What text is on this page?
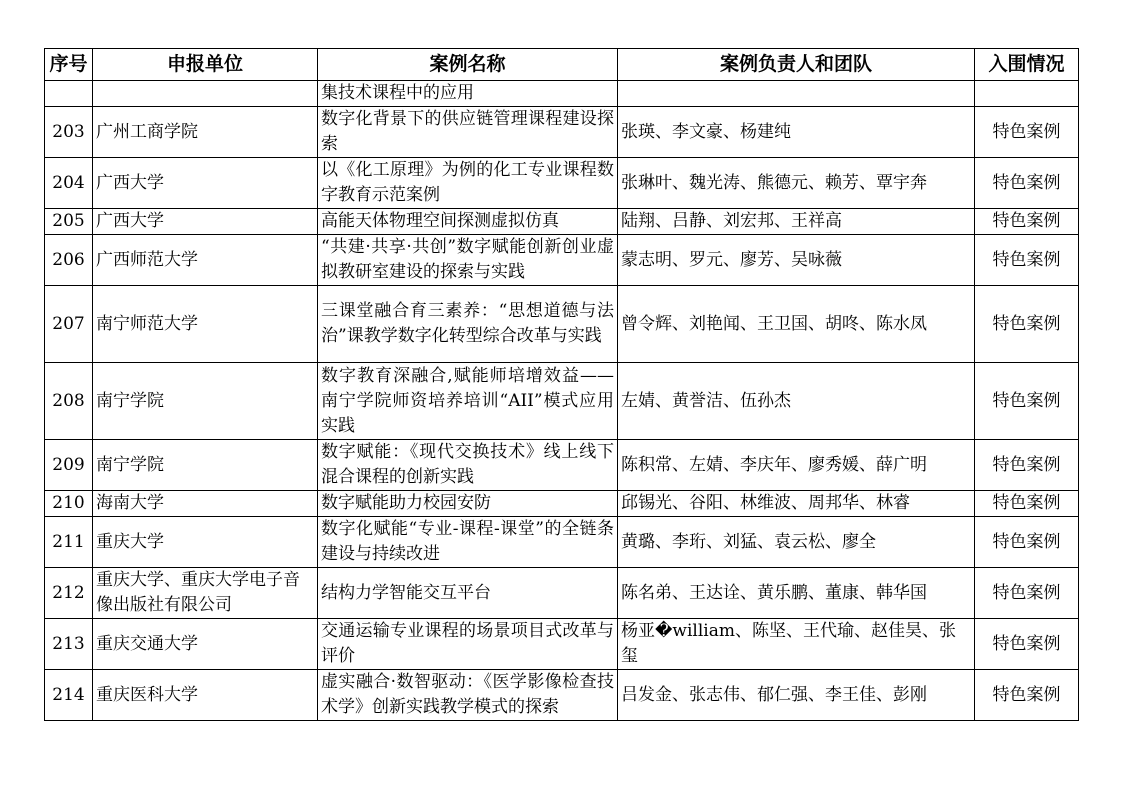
序号	申报单位	案例名称	案例负责人和团队	入围情况
		集技术课程中的应用		
203	广州工商学院	数字化背景下的供应链管理课程建设探索	张瑛、李文豪、杨建纯	特色案例
204	广西大学	以《化工原理》为例的化工专业课程数字教育示范案例	张琳叶、魏光涛、熊德元、赖芳、覃宇奔	特色案例
205	广西大学	高能天体物理空间探测虚拟仿真	陆翔、吕静、刘宏邦、王祥高	特色案例
206	广西师范大学	“共建·共享·共创”数字赋能创新创业虚拟教研室建设的探索与实践	蒙志明、罗元、廖芳、吴咏薇	特色案例
207	南宁师范大学	三课堂融合育三素养：“思想道德与法治”课教学数字化转型综合改革与实践	曾令辉、刘艳闻、王卫国、胡咚、陈水凤	特色案例
208	南宁学院	数字教育深融合,赋能师培增效益——南宁学院师资培养培训“AII”模式应用实践	左婧、黄誉洁、伍孙杰	特色案例
209	南宁学院	数字赋能：《现代交换技术》线上线下混合课程的创新实践	陈积常、左婧、李庆年、廖秀媛、薛广明	特色案例
210	海南大学	数字赋能助力校园安防	邱锡光、谷阳、林维波、周邦华、林睿	特色案例
211	重庆大学	数字化赋能“专业-课程-课堂”的全链条建设与持续改进	黄璐、李珩、刘猛、袁云松、廖全	特色案例
212	重庆大学、重庆大学电子音像出版社有限公司	结构力学智能交互平台	陈名弟、王达诠、黄乐鹏、董康、韩华国	特色案例
213	重庆交通大学	交通运输专业课程的场景项目式改革与评价	杨亚�william、陈坚、王代瑜、赵佳昊、张玺	特色案例
214	重庆医科大学	虚实融合·数智驱动：《医学影像检查技术学》创新实践教学模式的探索	吕发金、张志伟、郁仁强、李王佳、彭刚	特色案例
